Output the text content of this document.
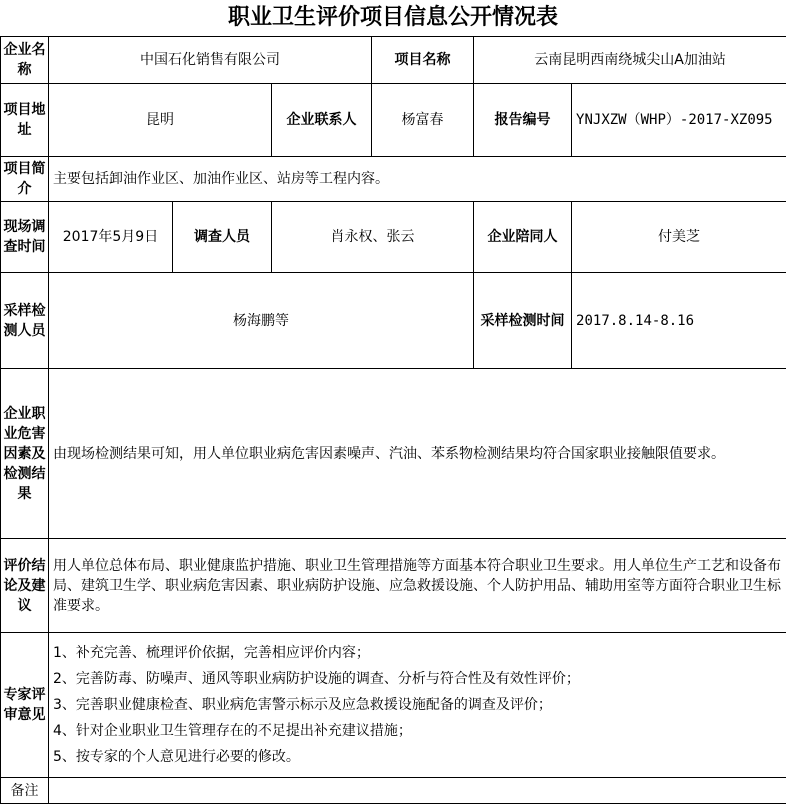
职业卫生评价项目信息公开情况表
企业名称	中国石化销售有限公司			项目名称	云南昆明西南绕城尖山A加油站	
项目地址	昆明		企业联系人	杨富春	报告编号	YNJXZW（WHP）-2017-XZ095
项目简介	主要包括卸油作业区、加油作业区、站房等工程内容。					
现场调查时间	2017年5月9日	调查人员	肖永权、张云		企业陪同人	付美芝
采样检测人员	杨海鹏等				采样检测时间	2017.8.14-8.16
企业职业危害因素及检测结果	由现场检测结果可知，用人单位职业病危害因素噪声、汽油、苯系物检测结果均符合国家职业接触限值要求。					
评价结论及建议	用人单位总体布局、职业健康监护措施、职业卫生管理措施等方面基本符合职业卫生要求。用人单位生产工艺和设备布局、建筑卫生学、职业病危害因素、职业病防护设施、应急救援设施、个人防护用品、辅助用室等方面符合职业卫生标准要求。					
专家评审意见	1、补充完善、梳理评价依据，完善相应评价内容；
2、完善防毒、防噪声、通风等职业病防护设施的调查、分析与符合性及有效性评价；
3、完善职业健康检查、职业病危害警示标示及应急救援设施配备的调查及评价；
4、针对企业职业卫生管理存在的不足提出补充建议措施；
5、按专家的个人意见进行必要的修改。					

备注						
